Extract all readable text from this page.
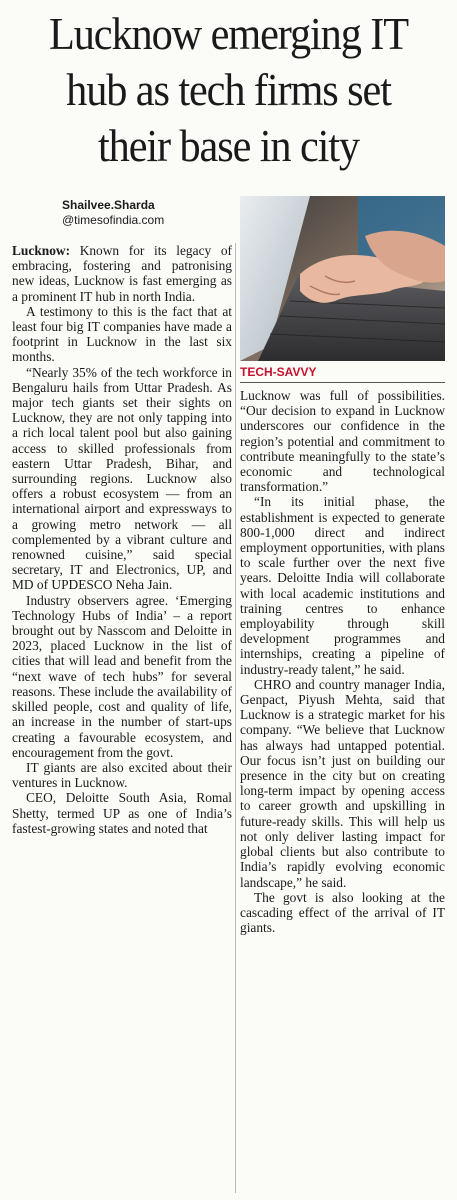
Lucknow emerging IT hub as tech firms set their base in city
Shailvee.Sharda
@timesofindia.com
TECH-SAVVY

Lucknow: Known for its legacy of embracing, fostering and patronising new ideas, Lucknow is fast emerging as a prominent IT hub in north India.

A testimony to this is the fact that at least four big IT companies have made a footprint in Lucknow in the last six months.

“Nearly 35% of the tech workforce in Bengaluru hails from Uttar Pradesh. As major tech giants set their sights on Lucknow, they are not only tapping into a rich local talent pool but also gaining access to skilled professionals from eastern Uttar Pradesh, Bihar, and surrounding regions. Lucknow also offers a robust ecosystem — from an international airport and expressways to a growing metro network — all complemented by a vibrant culture and renowned cuisine,” said special secretary, IT and Electronics, UP, and MD of UPDESCO Neha Jain.

Industry observers agree. ‘Emerging Technology Hubs of India’ – a report brought out by Nasscom and Deloitte in 2023, placed Lucknow in the list of cities that will lead and benefit from the “next wave of tech hubs” for several reasons. These include the availability of skilled people, cost and quality of life, an increase in the number of start-ups creating a favourable ecosystem, and encouragement from the govt.

IT giants are also excited about their ventures in Lucknow.

CEO, Deloitte South Asia, Romal Shetty, termed UP as one of India’s fastest-growing states and noted that

Lucknow was full of possibilities. “Our decision to expand in Lucknow underscores our confidence in the region’s potential and commitment to contribute meaningfully to the state’s economic and technological transformation.”

“In its initial phase, the establishment is expected to generate 800-1,000 direct and indirect employment opportunities, with plans to scale further over the next five years. Deloitte India will collaborate with local academic institutions and training centres to enhance employability through skill development programmes and internships, creating a pipeline of industry-ready talent,” he said.

CHRO and country manager India, Genpact, Piyush Mehta, said that Lucknow is a strategic market for his company. “We believe that Lucknow has always had untapped potential. Our focus isn’t just on building our presence in the city but on creating long-term impact by opening access to career growth and upskilling in future-ready skills. This will help us not only deliver lasting impact for global clients but also contribute to India’s rapidly evolving economic landscape,” he said.

The govt is also looking at the cascading effect of the arrival of IT giants.
